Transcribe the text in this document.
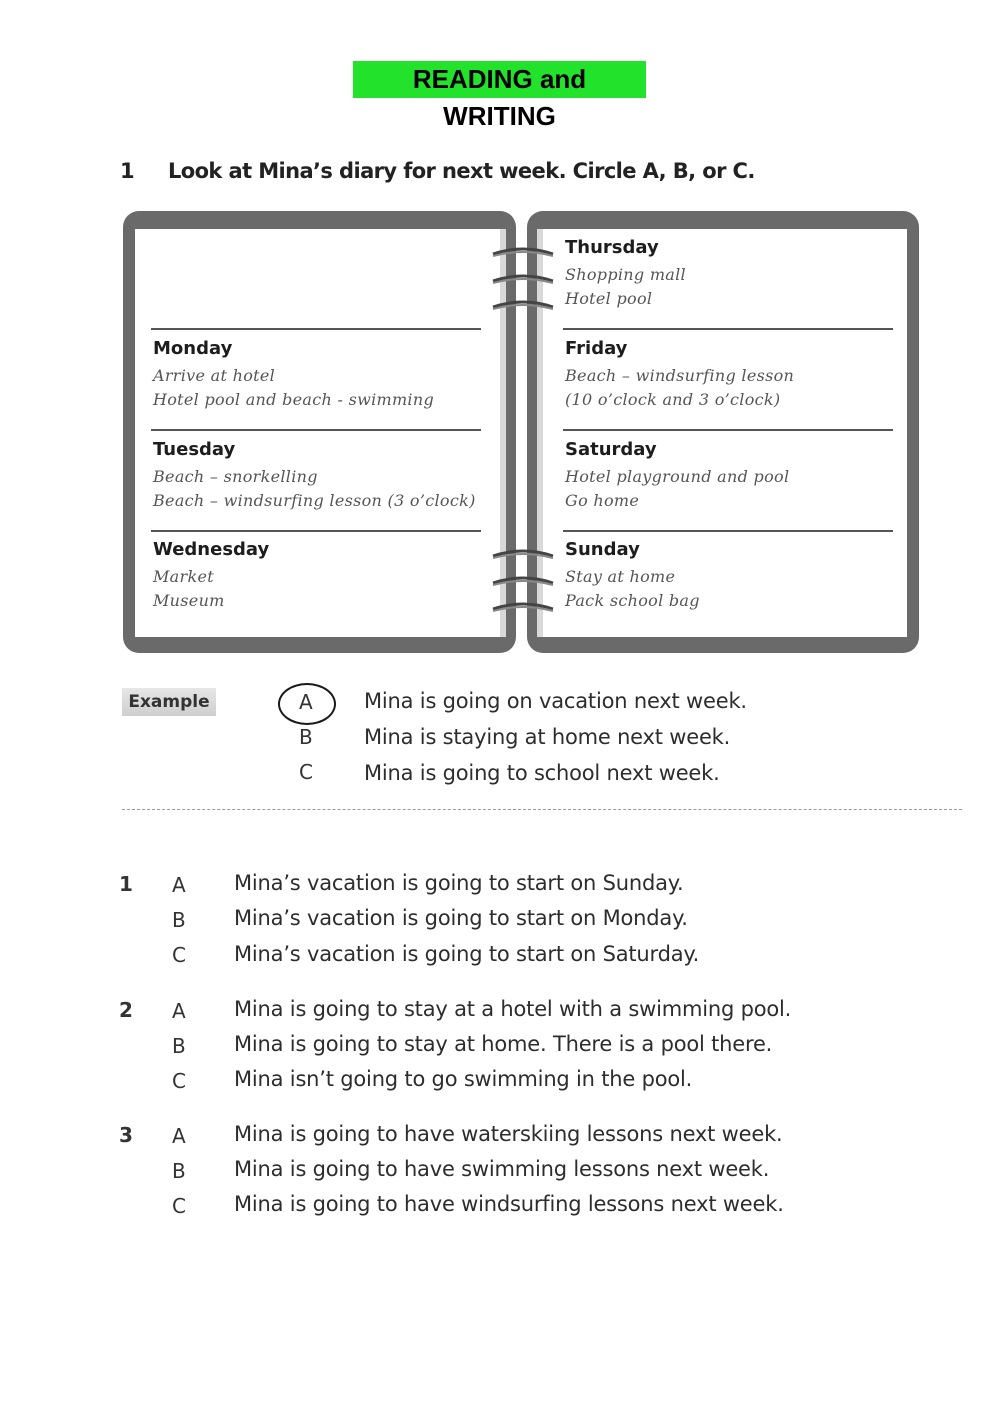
READING and WRITING
1 Look at Mina’s diary for next week. Circle A, B, or C.
Monday
Arrive at hotel
Hotel pool and beach - swimming
Tuesday
Beach – snorkelling
Beach – windsurfing lesson (3 o’clock)
Wednesday
Market
Museum
Thursday
Shopping mall
Hotel pool
Friday
Beach – windsurfing lesson
(10 o’clock and 3 o’clock)
Saturday
Hotel playground and pool
Go home
Sunday
Stay at home
Pack school bag
Example	A Mina is going on vacation next week.
B Mina is staying at home next week.
C Mina is going to school next week.
1 A Mina’s vacation is going to start on Sunday.
B Mina’s vacation is going to start on Monday.
C Mina’s vacation is going to start on Saturday.
2 A Mina is going to stay at a hotel with a swimming pool.
B Mina is going to stay at home. There is a pool there.
C Mina isn’t going to go swimming in the pool.
3 A Mina is going to have waterskiing lessons next week.
B Mina is going to have swimming lessons next week.
C Mina is going to have windsurfing lessons next week.
